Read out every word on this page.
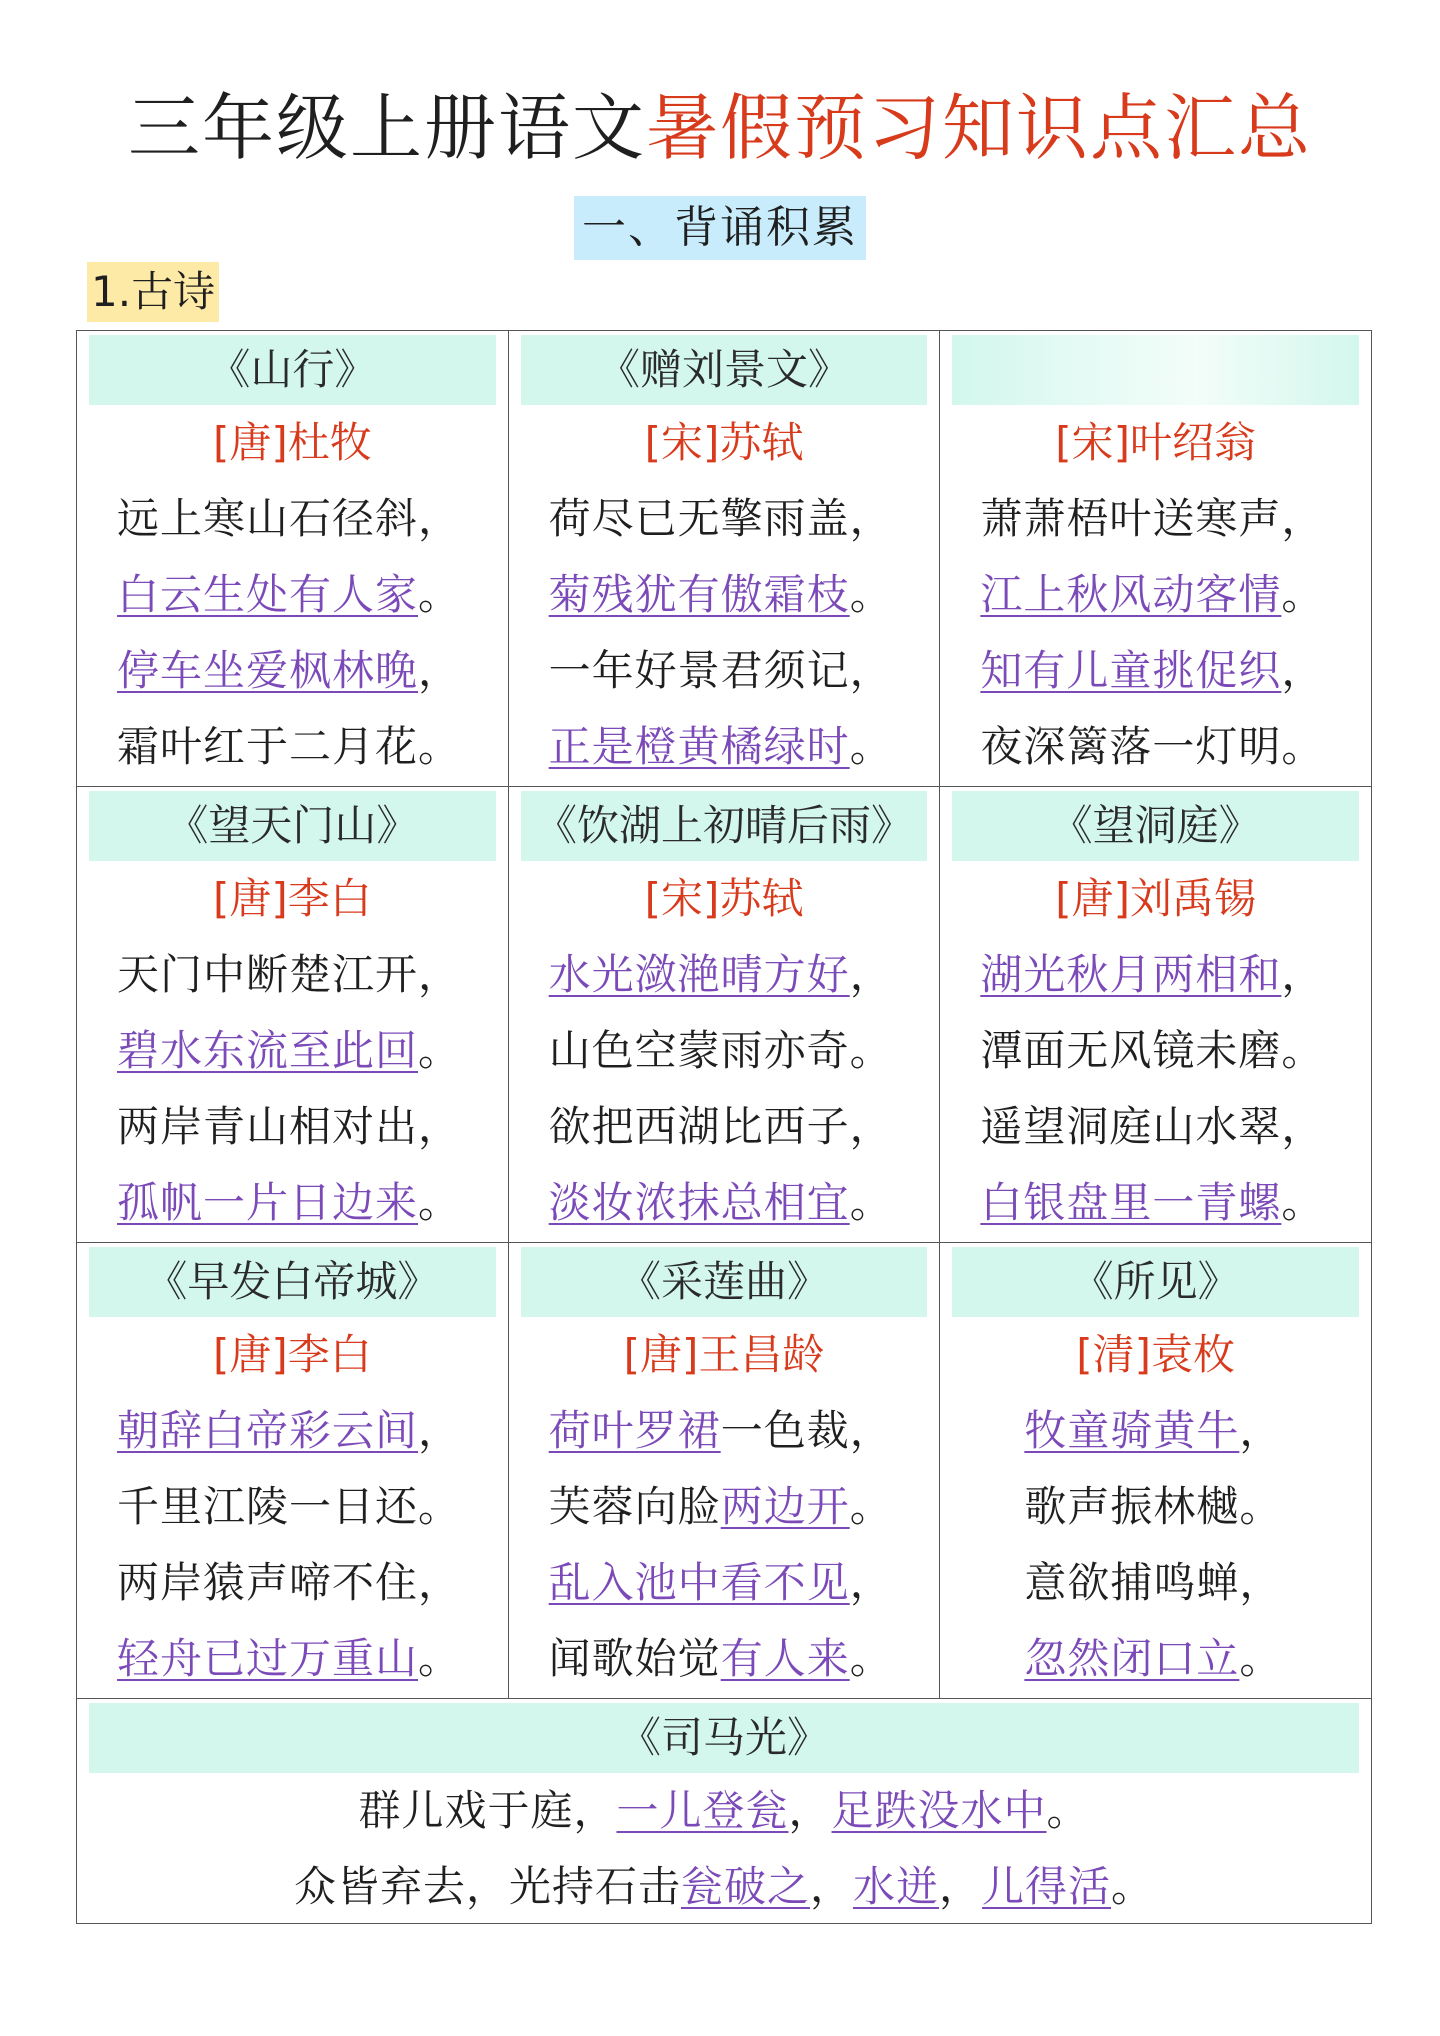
三年级上册语文暑假预习知识点汇总
一、背诵积累
1.古诗
《山行》
[唐]杜牧
远上寒山石径斜，
白云生处有人家。
停车坐爱枫林晚，
霜叶红于二月花。
《赠刘景文》
[宋]苏轼
荷尽已无擎雨盖，
菊残犹有傲霜枝。
一年好景君须记，
正是橙黄橘绿时。
[宋]叶绍翁
萧萧梧叶送寒声，
江上秋风动客情。
知有儿童挑促织，
夜深篱落一灯明。
《望天门山》
[唐]李白
天门中断楚江开，
碧水东流至此回。
两岸青山相对出，
孤帆一片日边来。
《饮湖上初晴后雨》
[宋]苏轼
水光潋滟晴方好，
山色空蒙雨亦奇。
欲把西湖比西子，
淡妆浓抹总相宜。
《望洞庭》
[唐]刘禹锡
湖光秋月两相和，
潭面无风镜未磨。
遥望洞庭山水翠，
白银盘里一青螺。
《早发白帝城》
[唐]李白
朝辞白帝彩云间，
千里江陵一日还。
两岸猿声啼不住，
轻舟已过万重山。
《采莲曲》
[唐]王昌龄
荷叶罗裙一色裁，
芙蓉向脸两边开。
乱入池中看不见，
闻歌始觉有人来。
《所见》
[清]袁枚
牧童骑黄牛，
歌声振林樾。
意欲捕鸣蝉，
忽然闭口立。
《司马光》
群儿戏于庭，一儿登瓮，足跌没水中。
众皆弃去，光持石击瓮破之，水迸，儿得活。
